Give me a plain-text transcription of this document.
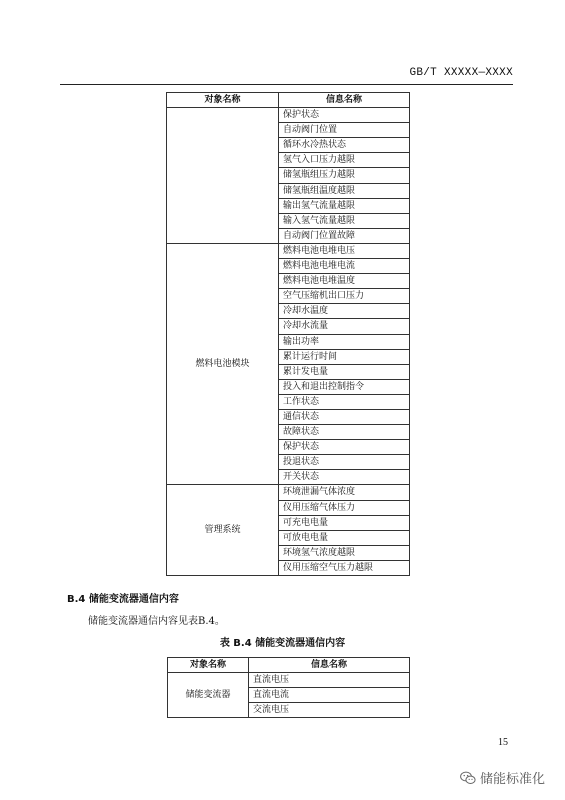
GB/T XXXXX—XXXX
对象名称	信息名称
	保护状态
	自动阀门位置
	循环水冷热状态
	氢气入口压力越限
	储氢瓶组压力越限
	储氢瓶组温度越限
	输出氢气流量越限
	输入氢气流量越限
	自动阀门位置故障
燃料电池模块	燃料电池电堆电压
	燃料电池电堆电流
	燃料电池电堆温度
	空气压缩机出口压力
	冷却水温度
	冷却水流量
	输出功率
	累计运行时间
	累计发电量
	投入和退出控制指令
	工作状态
	通信状态
	故障状态
	保护状态
	投退状态
	开关状态
管理系统	环境泄漏气体浓度
	仪用压缩气体压力
	可充电电量
	可放电电量
	环境氢气浓度越限
	仪用压缩空气压力越限
B.4 储能变流器通信内容
储能变流器通信内容见表B.4。
表 B.4 储能变流器通信内容
对象名称	信息名称
储能变流器	直流电压
	直流电流
	交流电压
15
储能标准化
